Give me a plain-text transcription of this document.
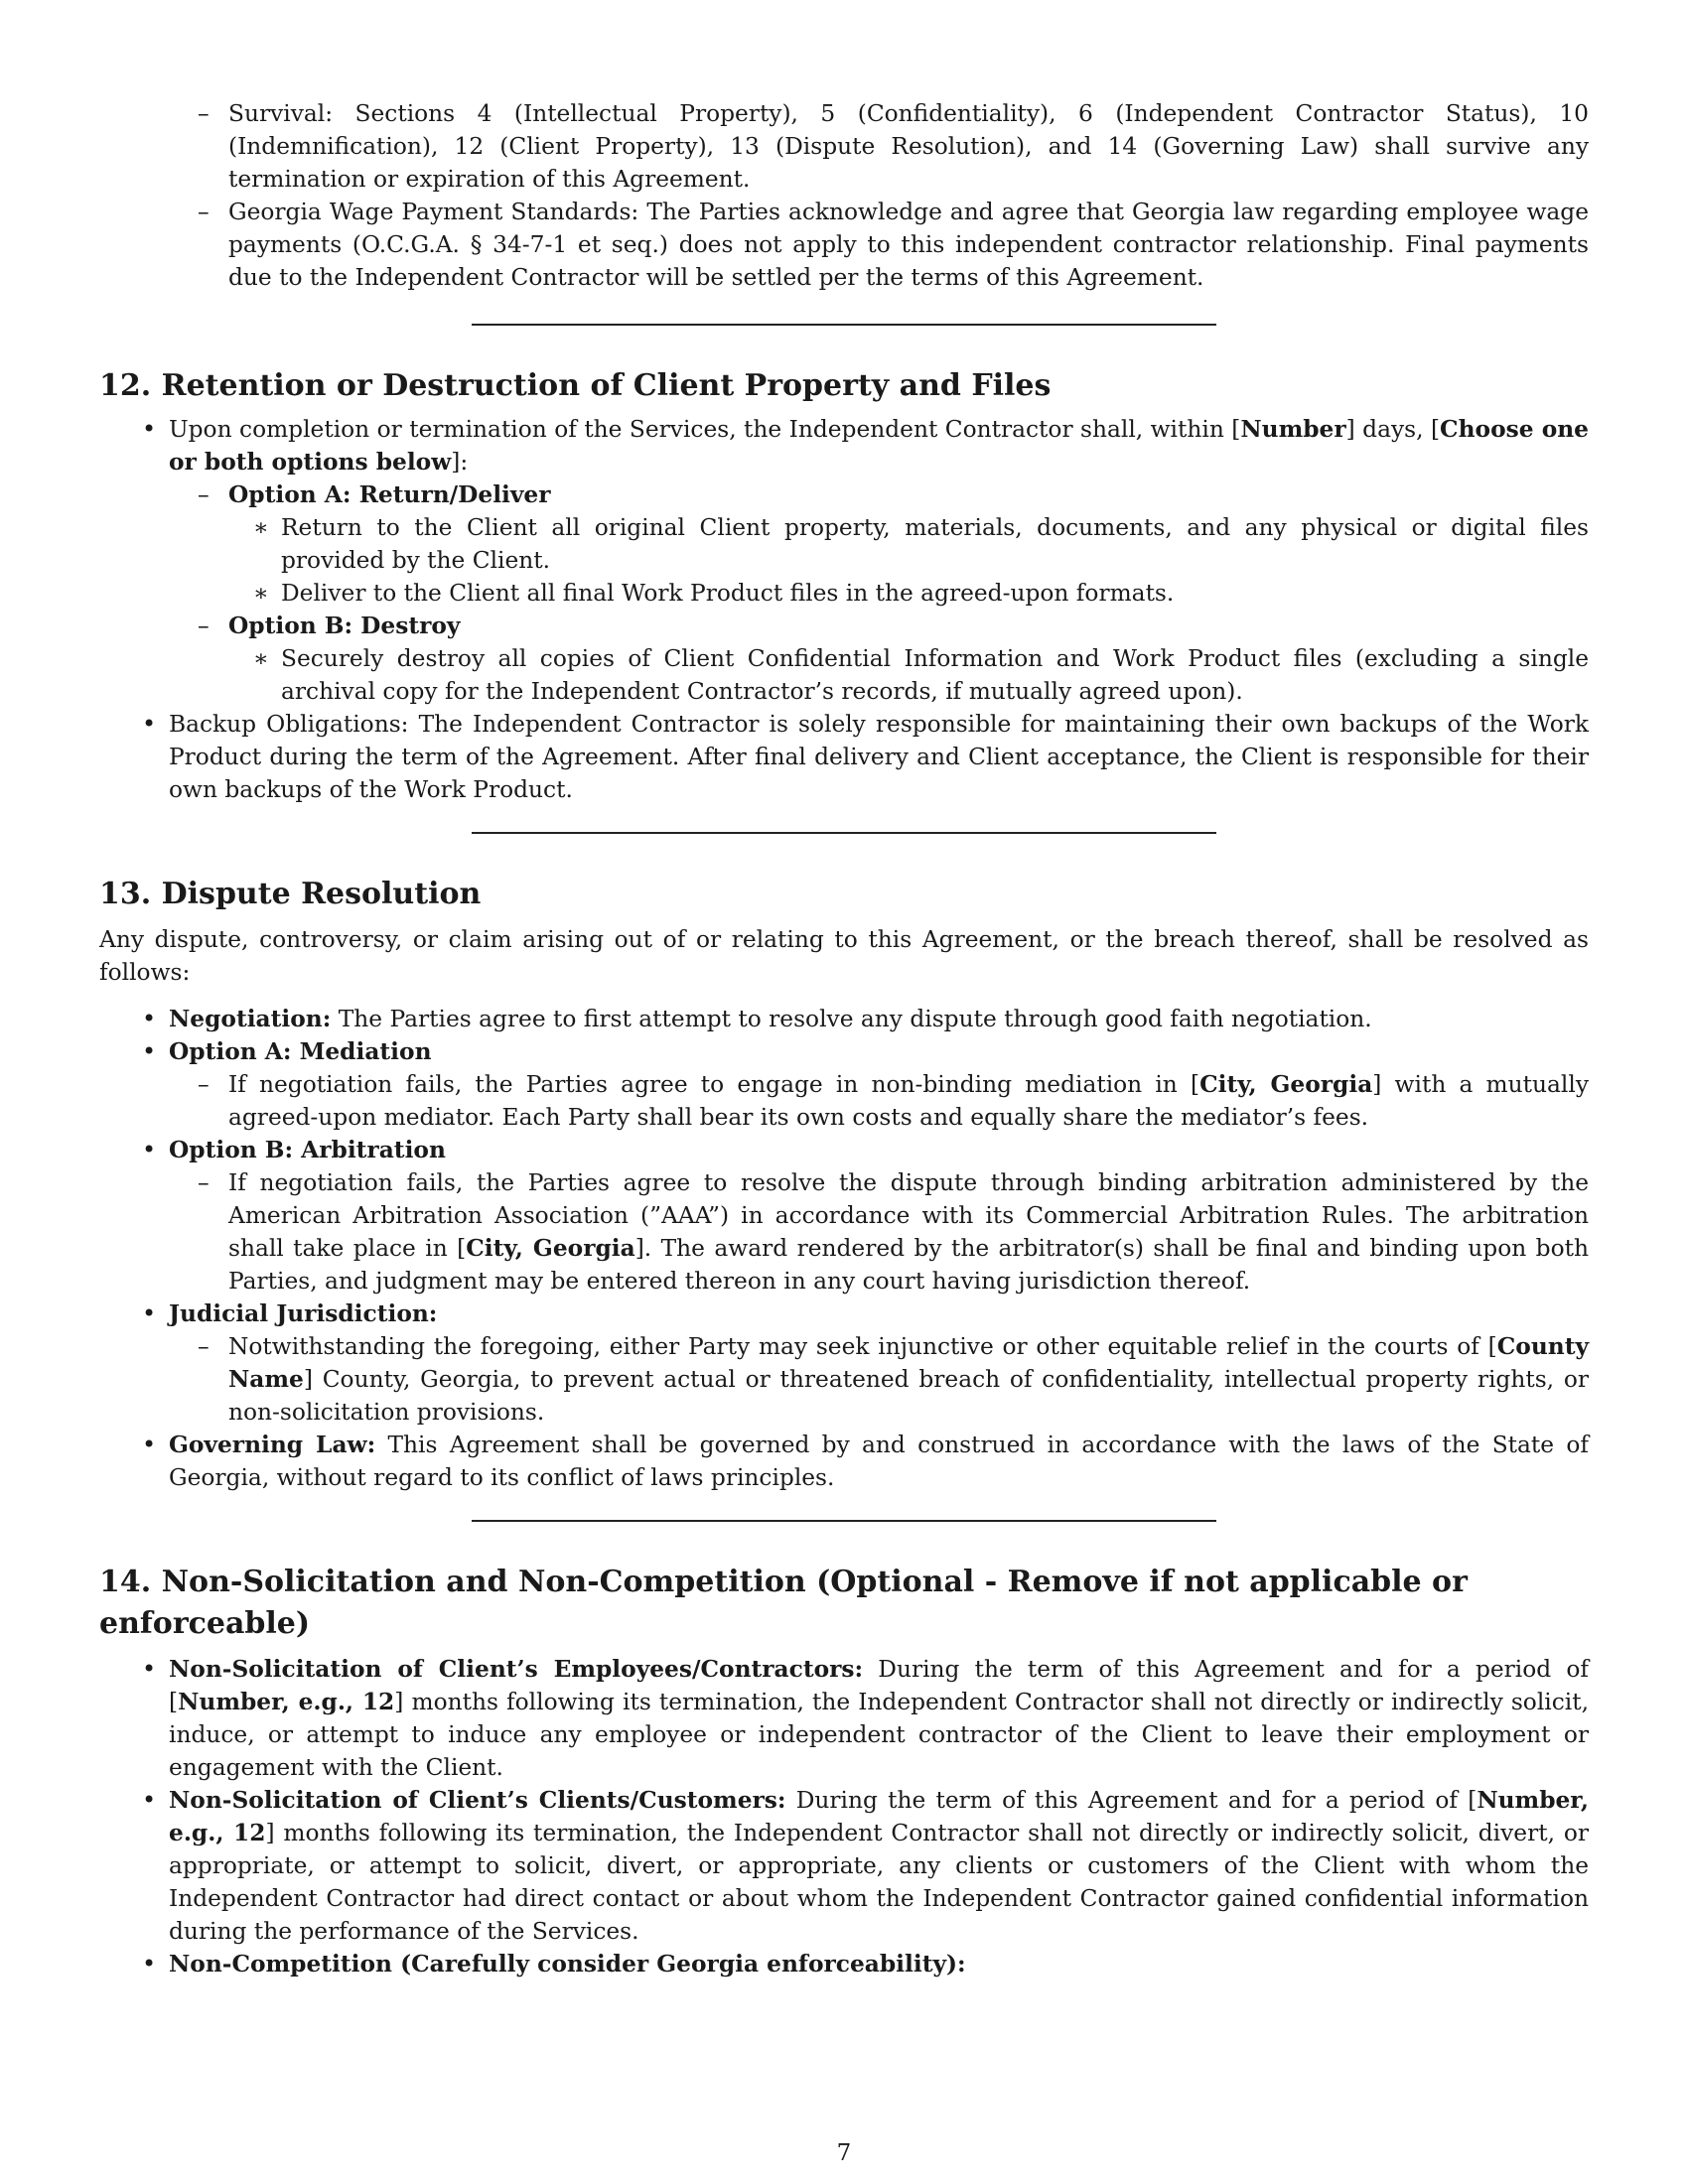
– Survival: Sections 4 (Intellectual Property), 5 (Confidentiality), 6 (Independent Contractor Status), 10 (Indemnification), 12 (Client Property), 13 (Dispute Resolution), and 14 (Governing Law) shall survive any termination or expiration of this Agreement.
– Georgia Wage Payment Standards: The Parties acknowledge and agree that Georgia law regarding employee wage payments (O.C.G.A. § 34-7-1 et seq.) does not apply to this independent contractor relationship. Final payments due to the Independent Contractor will be settled per the terms of this Agreement.
12. Retention or Destruction of Client Property and Files
• Upon completion or termination of the Services, the Independent Contractor shall, within [Number] days, [Choose one or both options below]:
– Option A: Return/Deliver
∗ Return to the Client all original Client property, materials, documents, and any physical or digital files provided by the Client.
∗ Deliver to the Client all final Work Product files in the agreed-upon formats.
– Option B: Destroy
∗ Securely destroy all copies of Client Confidential Information and Work Product files (excluding a single archival copy for the Independent Contractor’s records, if mutually agreed upon).
• Backup Obligations: The Independent Contractor is solely responsible for maintaining their own backups of the Work Product during the term of the Agreement. After final delivery and Client acceptance, the Client is responsible for their own backups of the Work Product.
13. Dispute Resolution

Any dispute, controversy, or claim arising out of or relating to this Agreement, or the breach thereof, shall be resolved as follows:

• Negotiation: The Parties agree to first attempt to resolve any dispute through good faith negotiation.
• Option A: Mediation
– If negotiation fails, the Parties agree to engage in non-binding mediation in [City, Georgia] with a mutually agreed-upon mediator. Each Party shall bear its own costs and equally share the mediator’s fees.
• Option B: Arbitration
– If negotiation fails, the Parties agree to resolve the dispute through binding arbitration administered by the American Arbitration Association (”AAA”) in accordance with its Commercial Arbitration Rules. The arbitration shall take place in [City, Georgia]. The award rendered by the arbitrator(s) shall be final and binding upon both Parties, and judgment may be entered thereon in any court having jurisdiction thereof.
• Judicial Jurisdiction:
– Notwithstanding the foregoing, either Party may seek injunctive or other equitable relief in the courts of [County Name] County, Georgia, to prevent actual or threatened breach of confidentiality, intellectual property rights, or non-solicitation provisions.
• Governing Law: This Agreement shall be governed by and construed in accordance with the laws of the State of Georgia, without regard to its conflict of laws principles.
14. Non-Solicitation and Non-Competition (Optional - Remove if not applicable or enforceable)
• Non-Solicitation of Client’s Employees/Contractors: During the term of this Agreement and for a period of [Number, e.g., 12] months following its termination, the Independent Contractor shall not directly or indirectly solicit, induce, or attempt to induce any employee or independent contractor of the Client to leave their employment or engagement with the Client.
• Non-Solicitation of Client’s Clients/Customers: During the term of this Agreement and for a period of [Number, e.g., 12] months following its termination, the Independent Contractor shall not directly or indirectly solicit, divert, or appropriate, or attempt to solicit, divert, or appropriate, any clients or customers of the Client with whom the Independent Contractor had direct contact or about whom the Independent Contractor gained confidential information during the performance of the Services.
• Non-Competition (Carefully consider Georgia enforceability):
7
